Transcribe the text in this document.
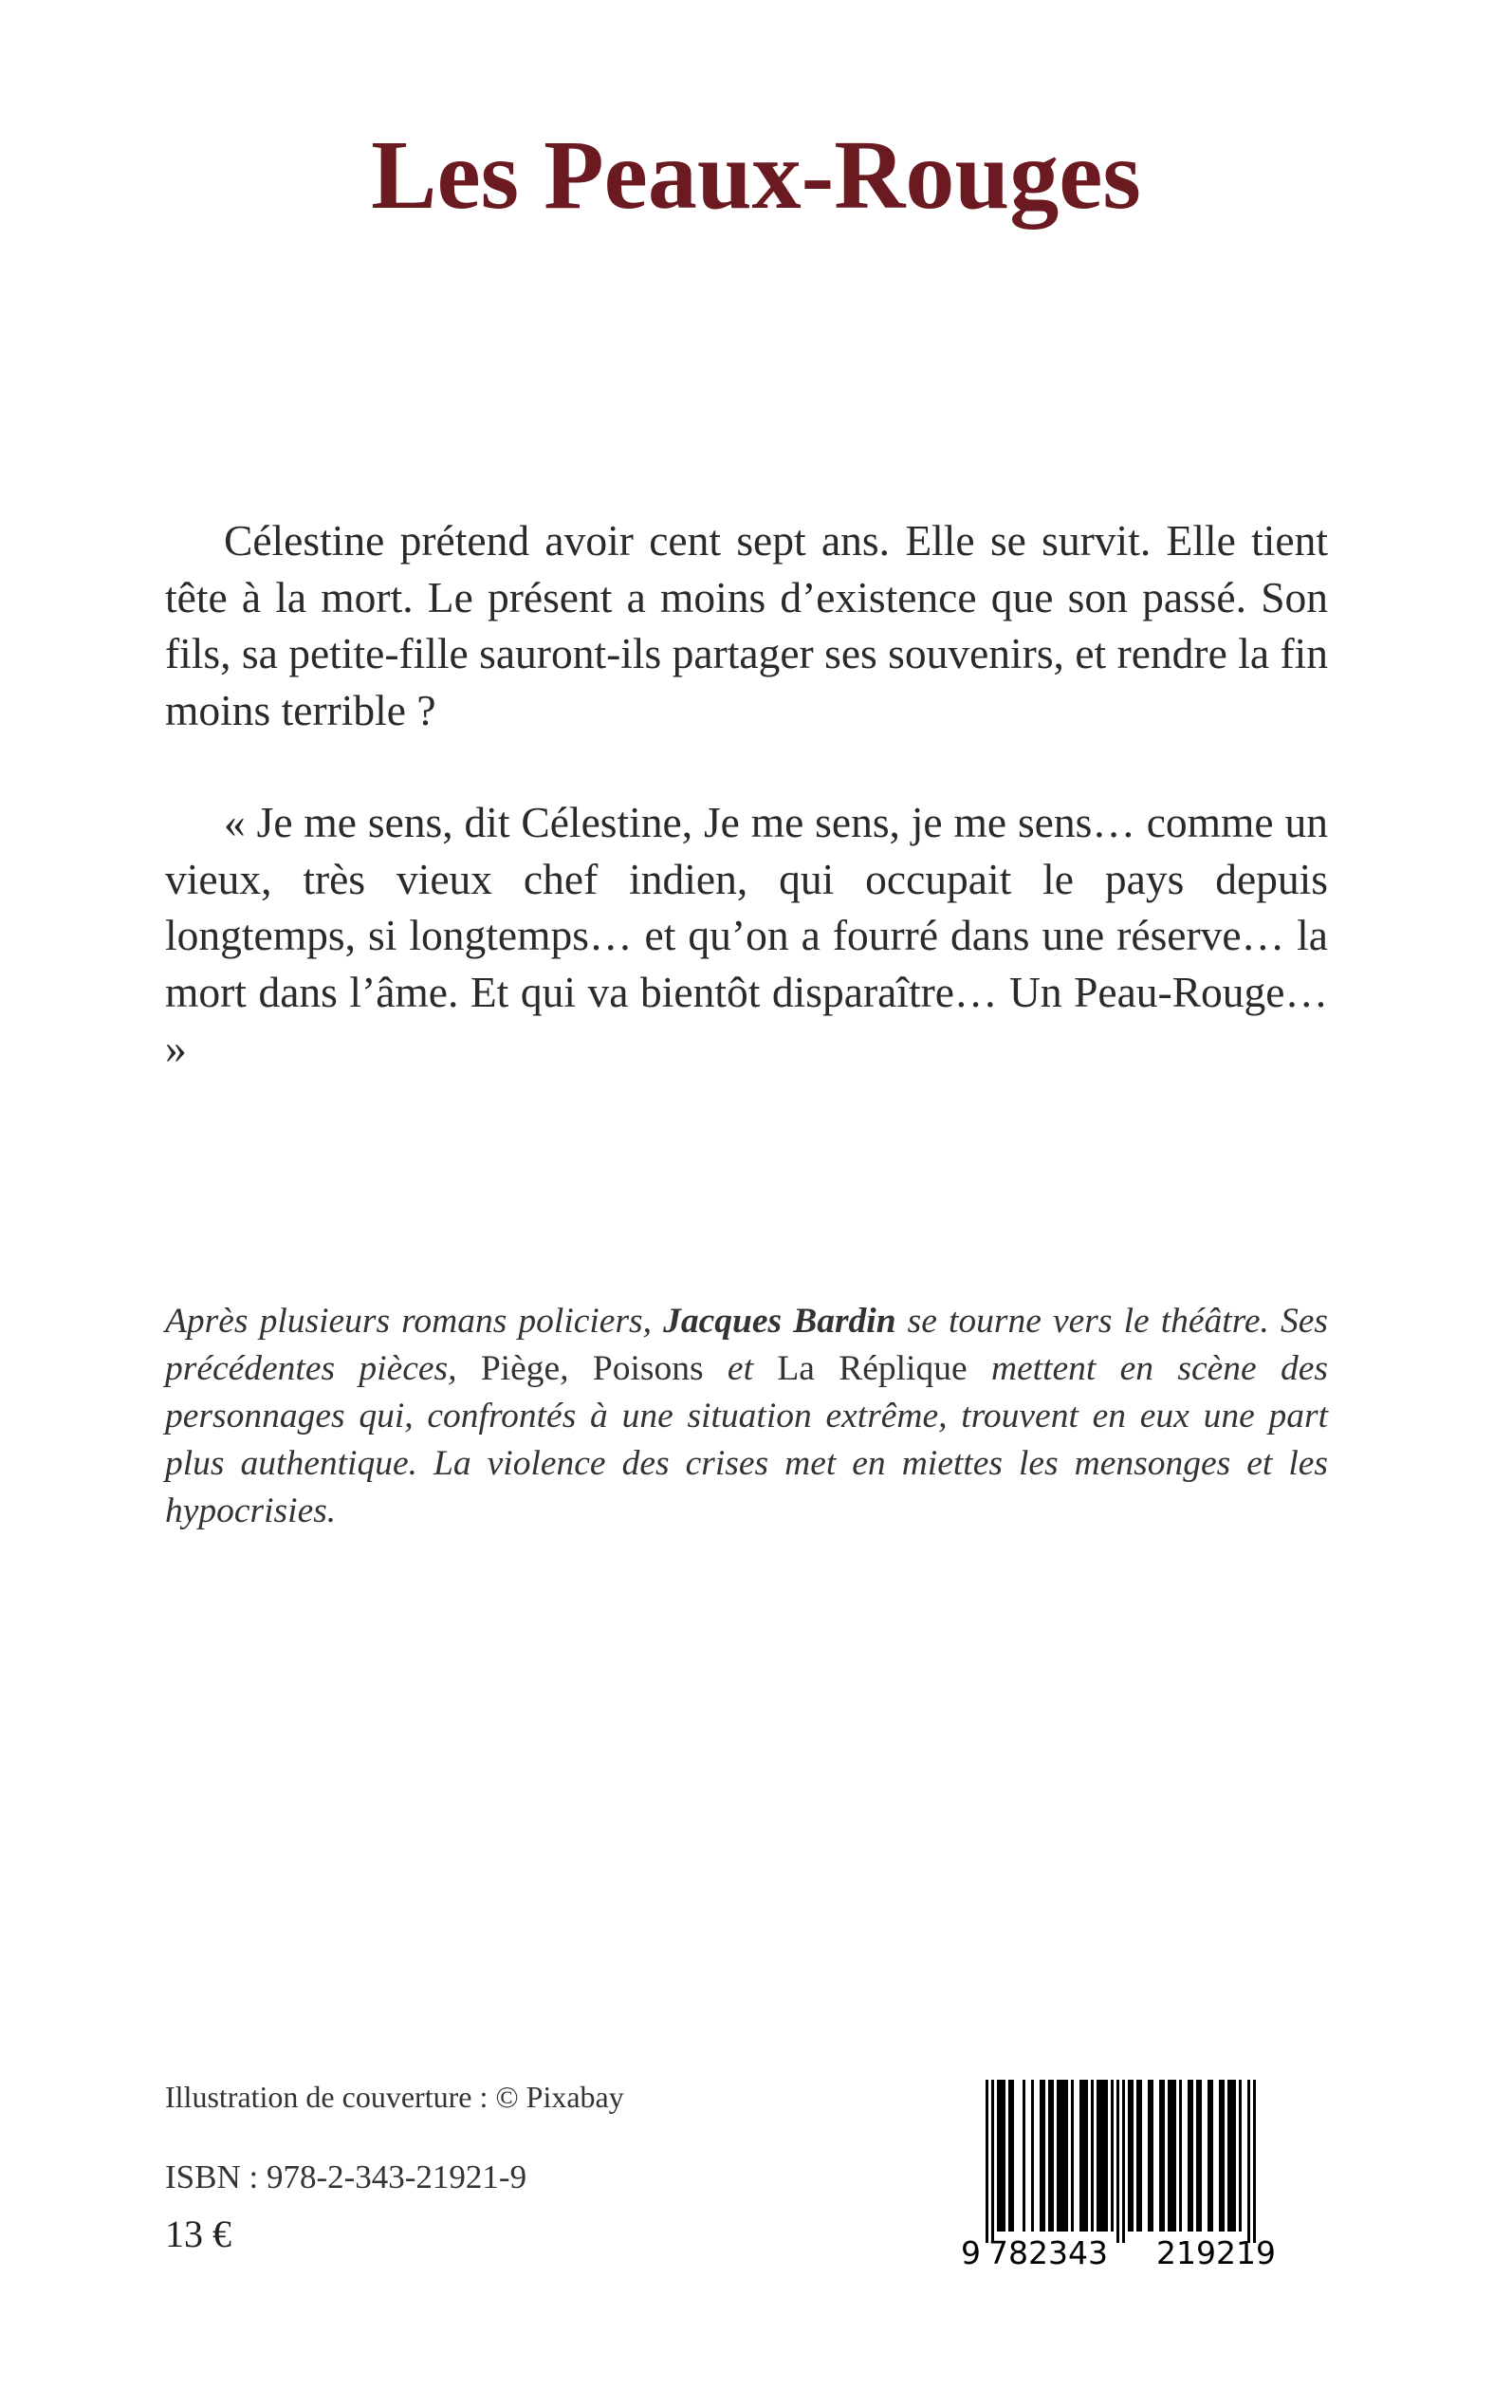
Les Peaux-Rouges

Célestine prétend avoir cent sept ans. Elle se survit. Elle tient tête à la mort. Le présent a moins d’existence que son passé. Son fils, sa petite-fille sauront-ils partager ses souvenirs, et rendre la fin moins terrible ?

« Je me sens, dit Célestine, Je me sens, je me sens… comme un vieux, très vieux chef indien, qui occupait le pays depuis longtemps, si longtemps… et qu’on a fourré dans une réserve… la mort dans l’âme. Et qui va bientôt disparaître… Un Peau-Rouge… »

Après plusieurs romans policiers, Jacques Bardin se tourne vers le théâtre. Ses précédentes pièces, Piège, Poisons et La Réplique mettent en scène des personnages qui, confrontés à une situation extrême, trouvent en eux une part plus authentique. La violence des crises met en miettes les mensonges et les hypocrisies.
Illustration de couverture : © Pixabay
ISBN : 978-2-343-21921-9
13 €	9 782343 219219
